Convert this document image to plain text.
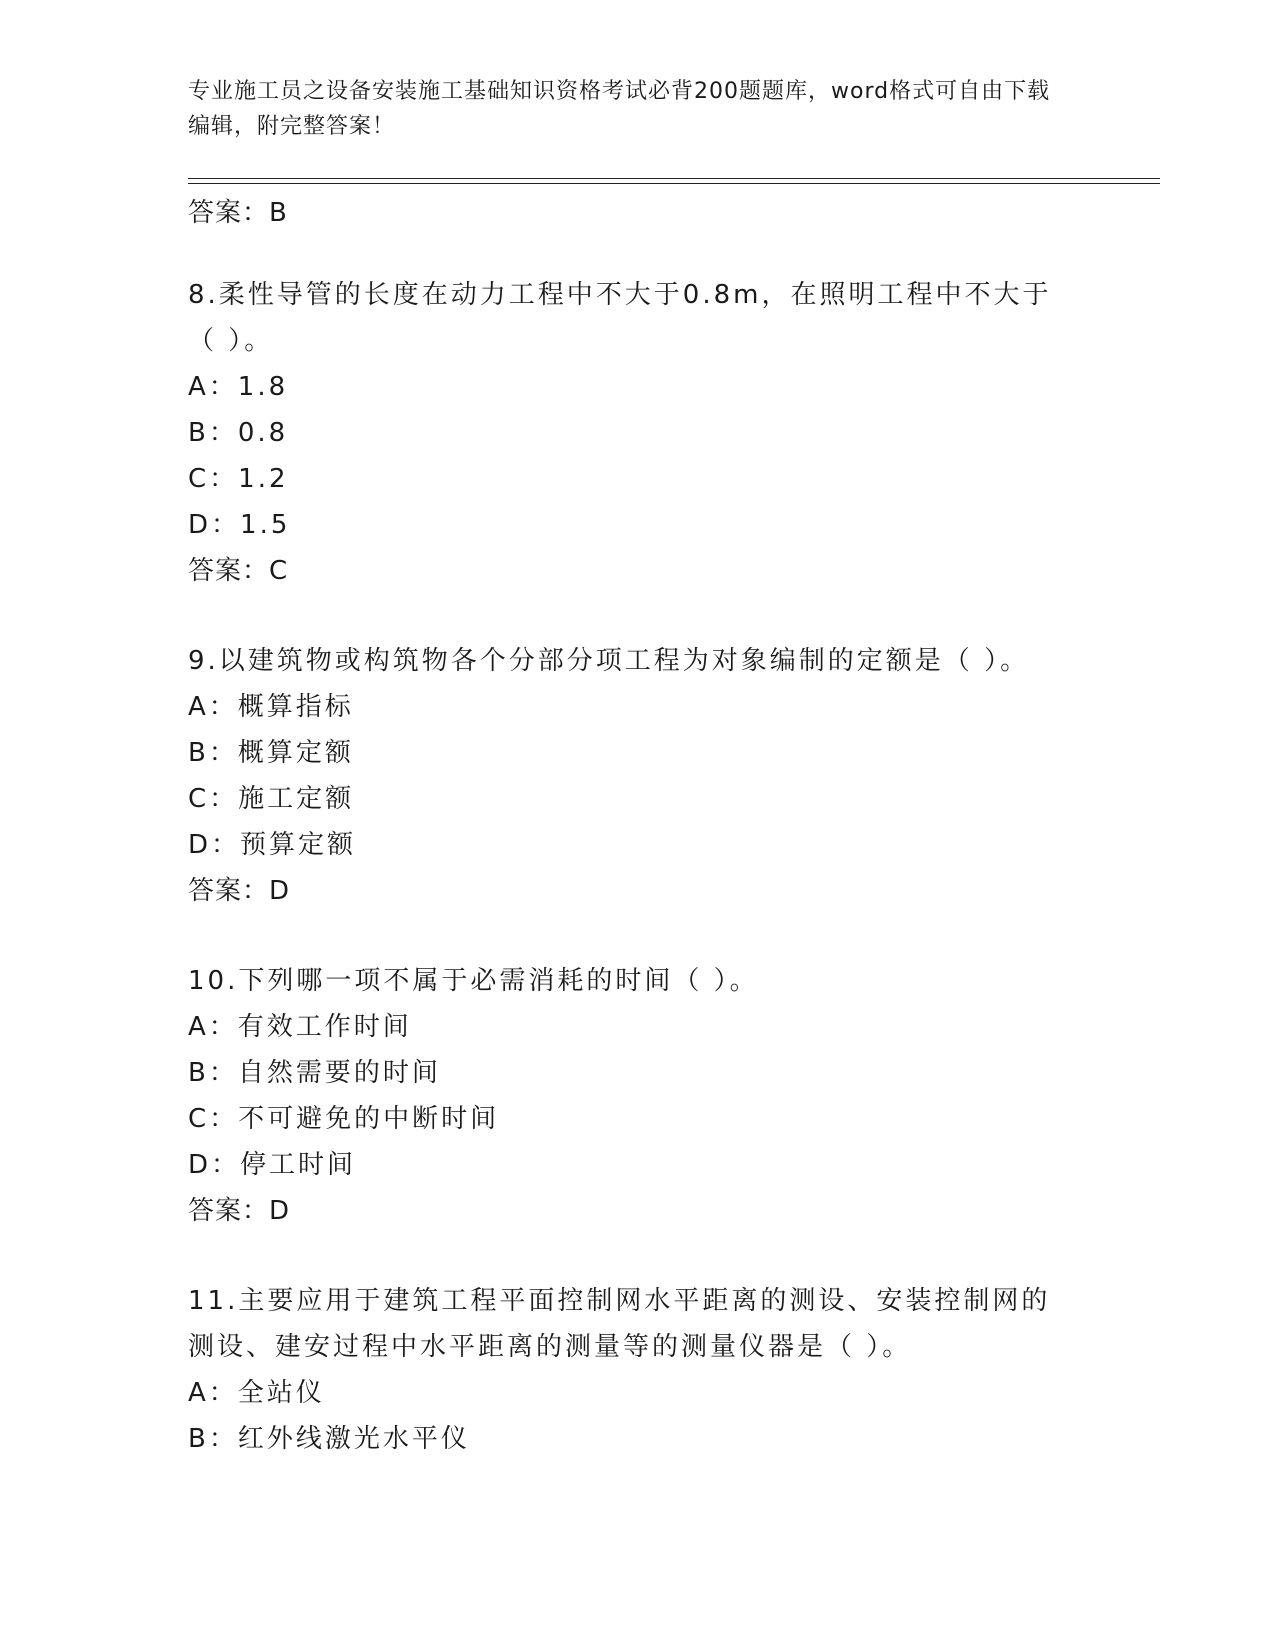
专业施工员之设备安装施工基础知识资格考试必背200题题库，word格式可自由下载编辑，附完整答案！
答案：B
8.柔性导管的长度在动力工程中不大于0.8m，在照明工程中不大于（ ）。
A：1.8
B：0.8
C：1.2
D：1.5
答案：C
9.以建筑物或构筑物各个分部分项工程为对象编制的定额是（ ）。
A：概算指标
B：概算定额
C：施工定额
D：预算定额
答案：D
10.下列哪一项不属于必需消耗的时间（ ）。
A：有效工作时间
B：自然需要的时间
C：不可避免的中断时间
D：停工时间
答案：D
11.主要应用于建筑工程平面控制网水平距离的测设、安装控制网的测设、建安过程中水平距离的测量等的测量仪器是（ ）。
A：全站仪
B：红外线激光水平仪
